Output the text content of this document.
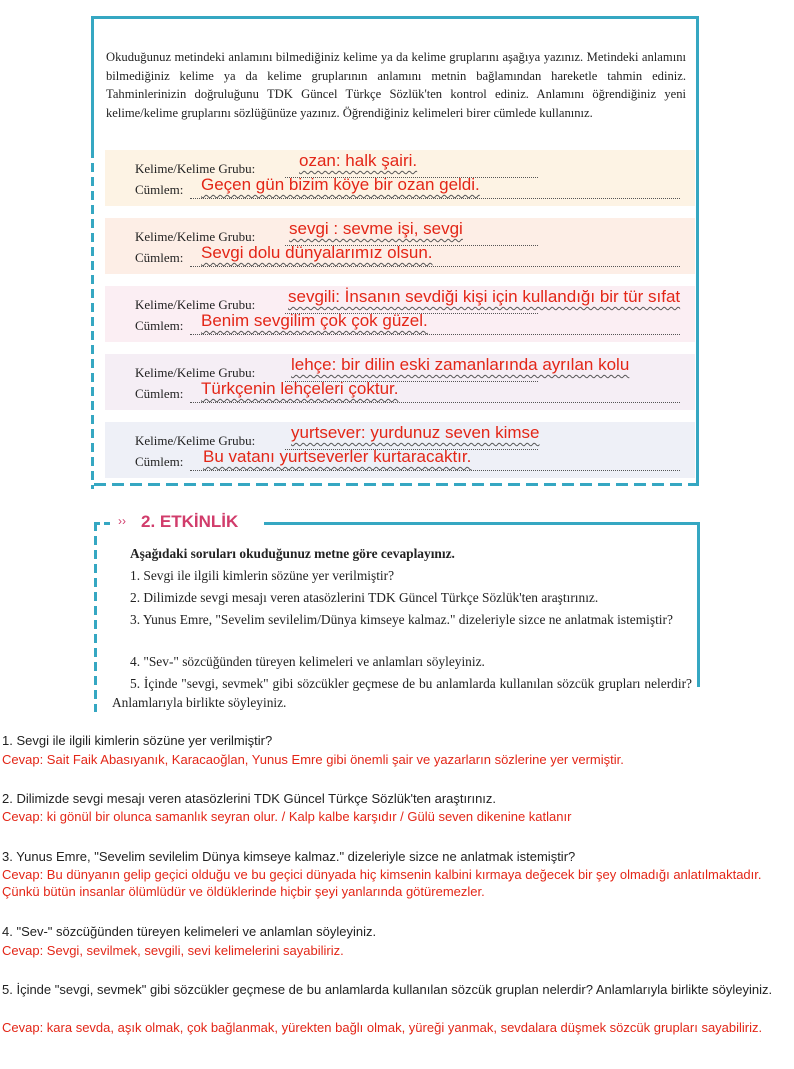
Okuduğunuz metindeki anlamını bilmediğiniz kelime ya da kelime gruplarını aşağıya yazınız. Metindeki anlamını bilmediğiniz kelime ya da kelime gruplarının anlamını metnin bağlamından hareketle tahmin ediniz. Tahminlerinizin doğruluğunu TDK Güncel Türkçe Sözlük'ten kontrol ediniz. Anlamını öğrendiğiniz yeni kelime/kelime gruplarını sözlüğünüze yazınız. Öğrendiğiniz kelimeleri birer cümlede kullanınız.
Kelime/Kelime Grubu:	ozan: halk şairi.
Cümlem: Geçen gün bizim köye bir ozan geldi.
Kelime/Kelime Grubu: sevgi : sevme işi, sevgi
Cümlem: Sevgi dolu dünyalarımız olsun.
Kelime/Kelime Grubu: sevgili: İnsanın sevdiği kişi için kullandığı bir tür sıfat
Cümlem: Benim sevgilim çok çok güzel.
Kelime/Kelime Grubu: lehçe: bir dilin eski zamanlarında ayrılan kolu
Cümlem: Türkçenin lehçeleri çoktur.
Kelime/Kelime Grubu: yurtsever: yurdunuz seven kimse
Cümlem: Bu vatanı yurtseverler kurtaracaktır.
›› 2. ETKİNLİK
Aşağıdaki soruları okuduğunuz metne göre cevaplayınız.
1. Sevgi ile ilgili kimlerin sözüne yer verilmiştir?
2. Dilimizde sevgi mesajı veren atasözlerini TDK Güncel Türkçe Sözlük'ten araştırınız.
3. Yunus Emre, "Sevelim sevilelim/Dünya kimseye kalmaz." dizeleriyle sizce ne anlatmak istemiştir?
4. "Sev-" sözcüğünden türeyen kelimeleri ve anlamları söyleyiniz.
5. İçinde "sevgi, sevmek" gibi sözcükler geçmese de bu anlamlarda kullanılan sözcük grupları nelerdir? Anlamlarıyla birlikte söyleyiniz.
1. Sevgi ile ilgili kimlerin sözüne yer verilmiştir?
Cevap: Sait Faik Abasıyanık, Karacaoğlan, Yunus Emre gibi önemli şair ve yazarların sözlerine yer vermiştir.
2. Dilimizde sevgi mesajı veren atasözlerini TDK Güncel Türkçe Sözlük'ten araştırınız.
Cevap: ki gönül bir olunca samanlık seyran olur. / Kalp kalbe karşıdır / Gülü seven dikenine katlanır
3. Yunus Emre, "Sevelim sevilelim Dünya kimseye kalmaz." dizeleriyle sizce ne anlatmak istemiştir?
Cevap: Bu dünyanın gelip geçici olduğu ve bu geçici dünyada hiç kimsenin kalbini kırmaya değecek bir şey olmadığı anlatılmaktadır. Çünkü bütün insanlar ölümlüdür ve öldüklerinde hiçbir şeyi yanlarında götüremezler.
4. "Sev-" sözcüğünden türeyen kelimeleri ve anlamlan söyleyiniz.
Cevap: Sevgi, sevilmek, sevgili, sevi kelimelerini sayabiliriz.
5. İçinde "sevgi, sevmek" gibi sözcükler geçmese de bu anlamlarda kullanılan sözcük gruplan nelerdir? Anlamlarıyla birlikte söyleyiniz.
Cevap: kara sevda, aşık olmak, çok bağlanmak, yürekten bağlı olmak, yüreği yanmak, sevdalara düşmek sözcük grupları sayabiliriz.
